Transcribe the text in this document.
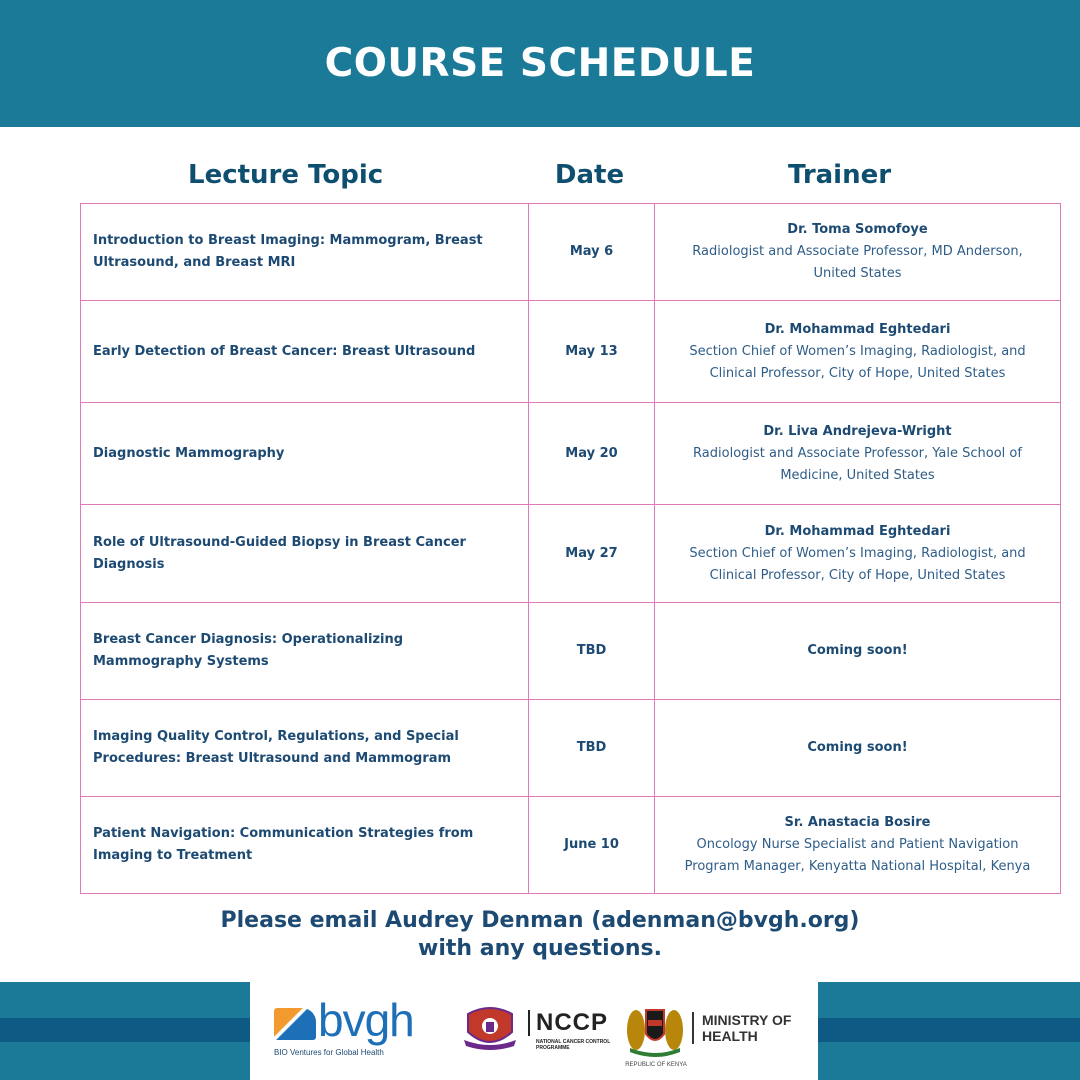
COURSE SCHEDULE
Lecture Topic	Date	Trainer
Introduction to Breast Imaging: Mammogram, Breast Ultrasound, and Breast MRI	May 6	Dr. Toma Somofoye
Radiologist and Associate Professor, MD Anderson, United States

Early Detection of Breast Cancer: Breast Ultrasound	May 13	Dr. Mohammad Eghtedari
Section Chief of Women’s Imaging, Radiologist, and Clinical Professor, City of Hope, United States

Diagnostic Mammography	May 20	Dr. Liva Andrejeva-Wright
Radiologist and Associate Professor, Yale School of Medicine, United States

Role of Ultrasound-Guided Biopsy in Breast Cancer Diagnosis	May 27	Dr. Mohammad Eghtedari
Section Chief of Women’s Imaging, Radiologist, and Clinical Professor, City of Hope, United States

Breast Cancer Diagnosis: Operationalizing Mammography Systems	TBD	Coming soon!

Imaging Quality Control, Regulations, and Special Procedures: Breast Ultrasound and Mammogram	TBD	Coming soon!

Patient Navigation: Communication Strategies from Imaging to Treatment	June 10	Sr. Anastacia Bosire
Oncology Nurse Specialist and Patient Navigation Program Manager, Kenyatta National Hospital, Kenya
Please email Audrey Denman (adenman@bvgh.org)
with any questions.
bvgh
BIO Ventures for Global Health
NCCP
NATIONAL CANCER CONTROL PROGRAMME
REPUBLIC OF KENYA
MINISTRY OF
HEALTH
